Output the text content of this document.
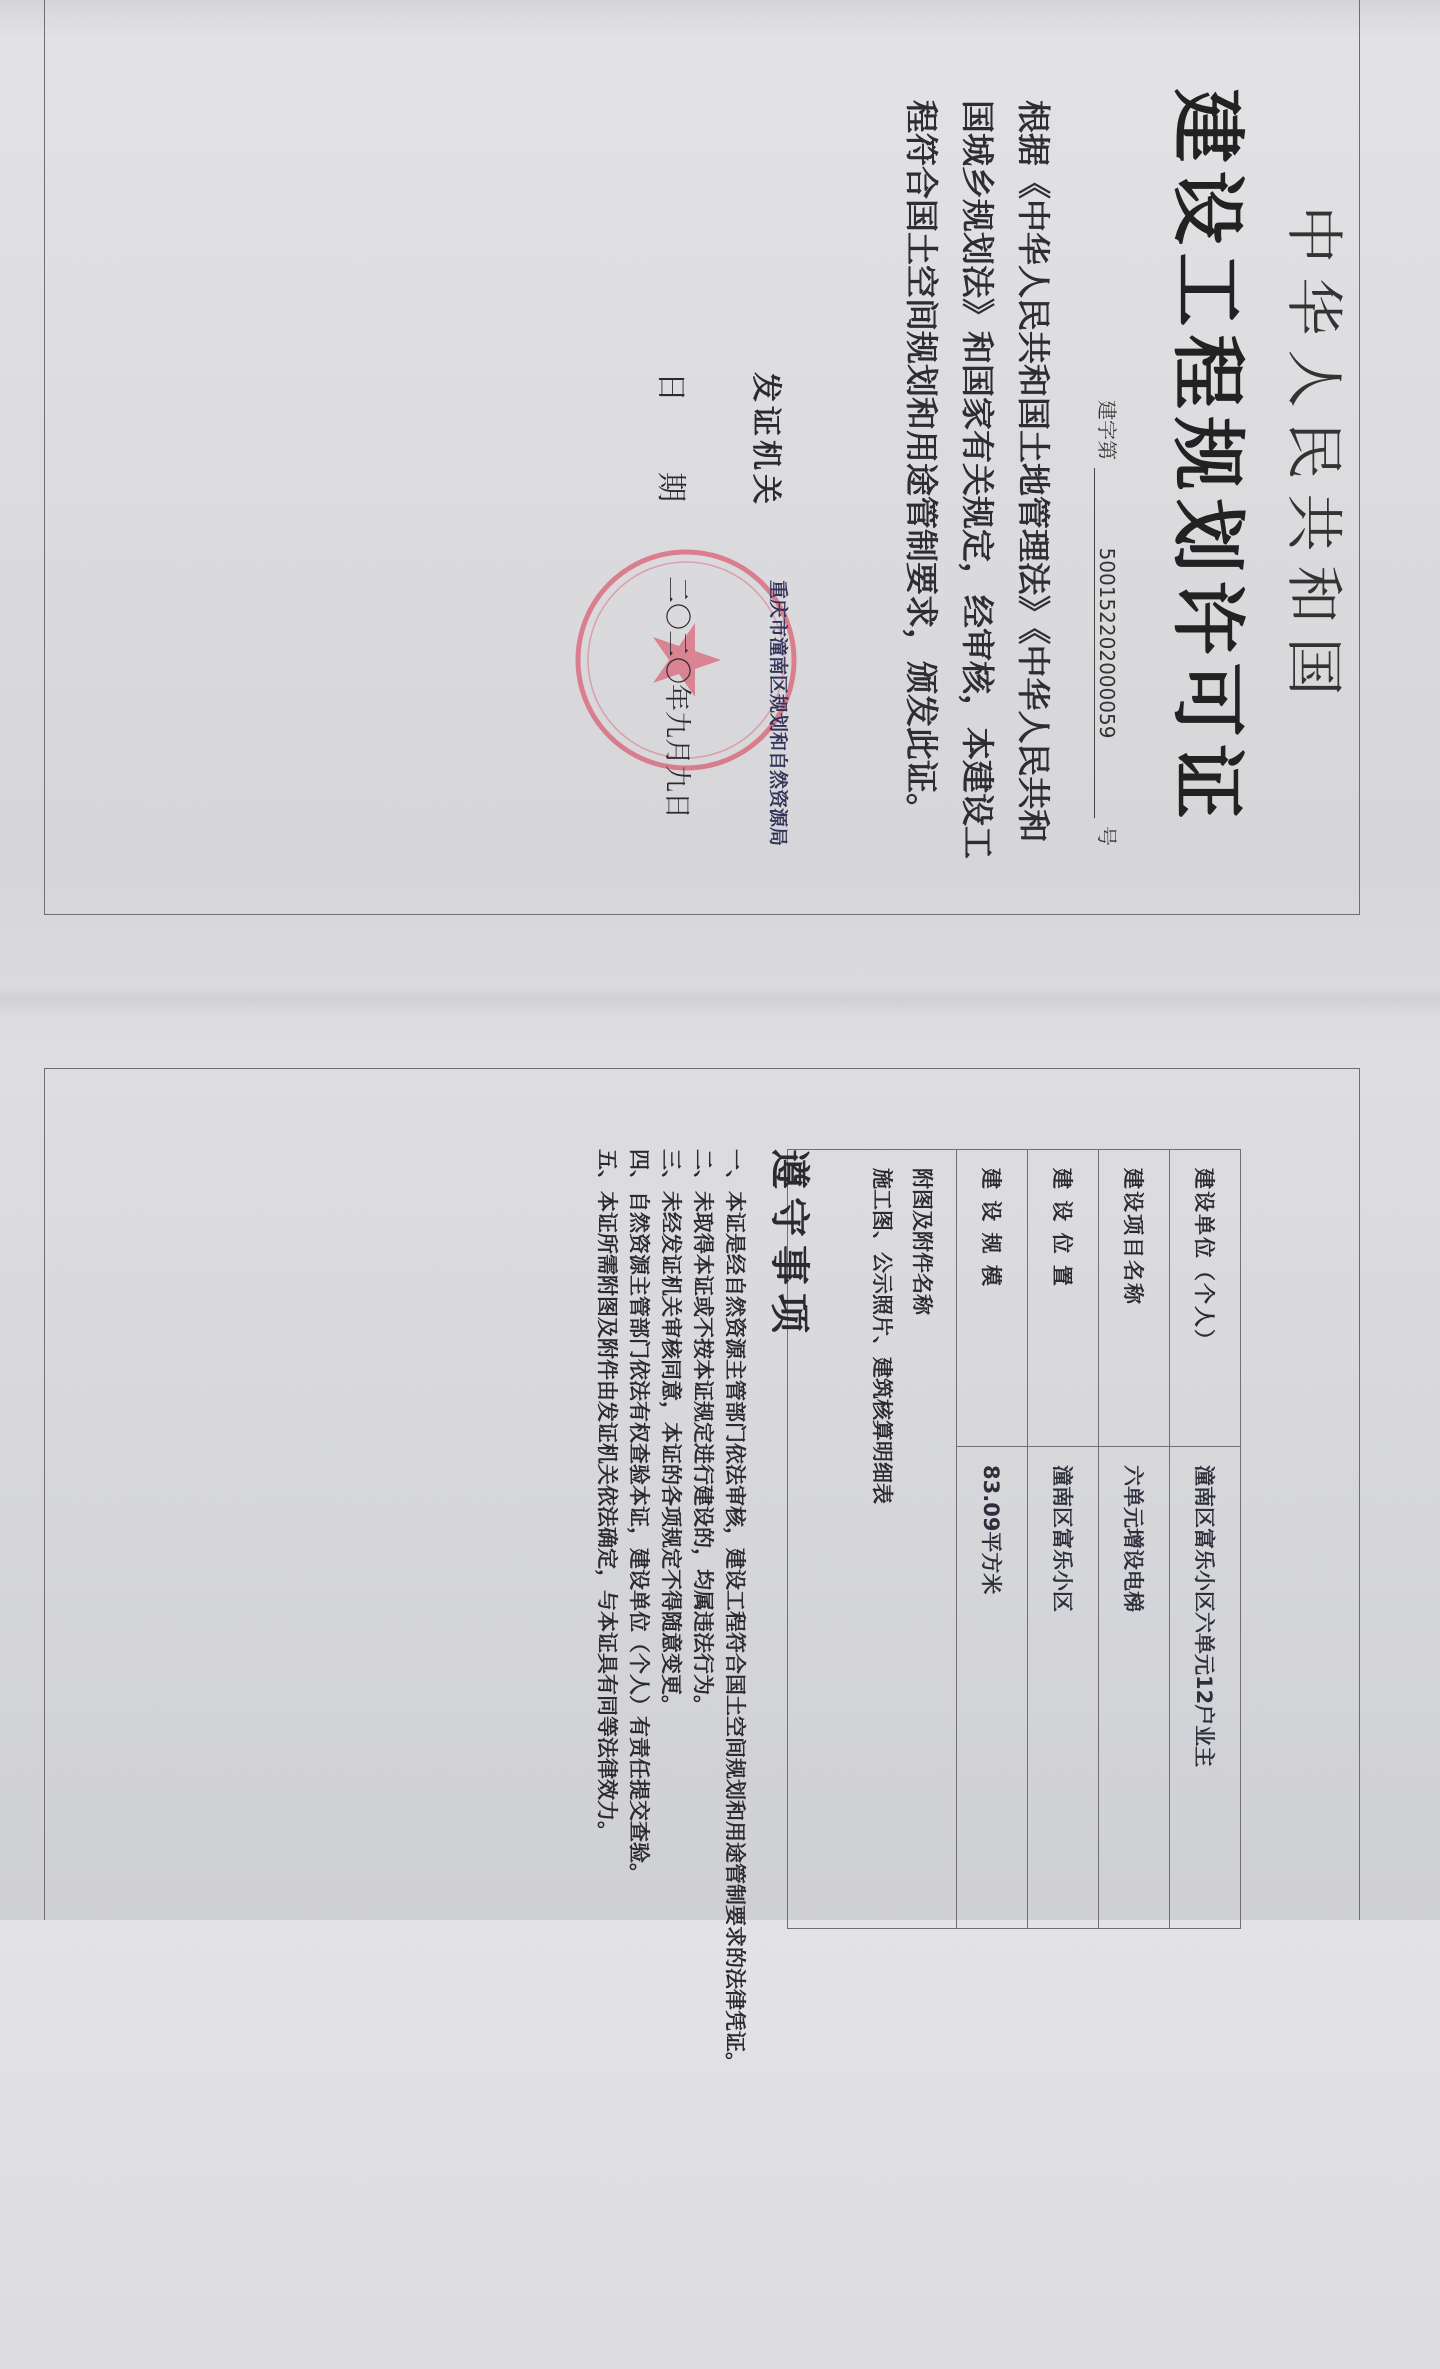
中华人民共和国
建设工程规划许可证
建字第500152202000059号
根据《中华人民共和国土地管理法》《中华人民共和国城乡规划法》和国家有关规定，经审核，本建设工程符合国土空间规划和用途管制要求，颁发此证。
发证机关
重庆市潼南区规划和自然资源局
日期
二〇二〇年九月九日
建设单位（个人）	潼南区富乐小区六单元12户业主
建设项目名称	六单元增设电梯
建 设 位 置	潼南区富乐小区
建 设 规 模	83.09平方米

附图及附件名称
施工图、公示照片、建筑核算明细表	
遵守事项
一、本证是经自然资源主管部门依法审核，建设工程符合国土空间规划和用途管制要求的法律凭证。
二、未取得本证或不按本证规定进行建设的，均属违法行为。
三、未经发证机关审核同意，本证的各项规定不得随意变更。
四、自然资源主管部门依法有权查验本证，建设单位（个人）有责任提交查验。
五、本证所需附图及附件由发证机关依法确定，与本证具有同等法律效力。
